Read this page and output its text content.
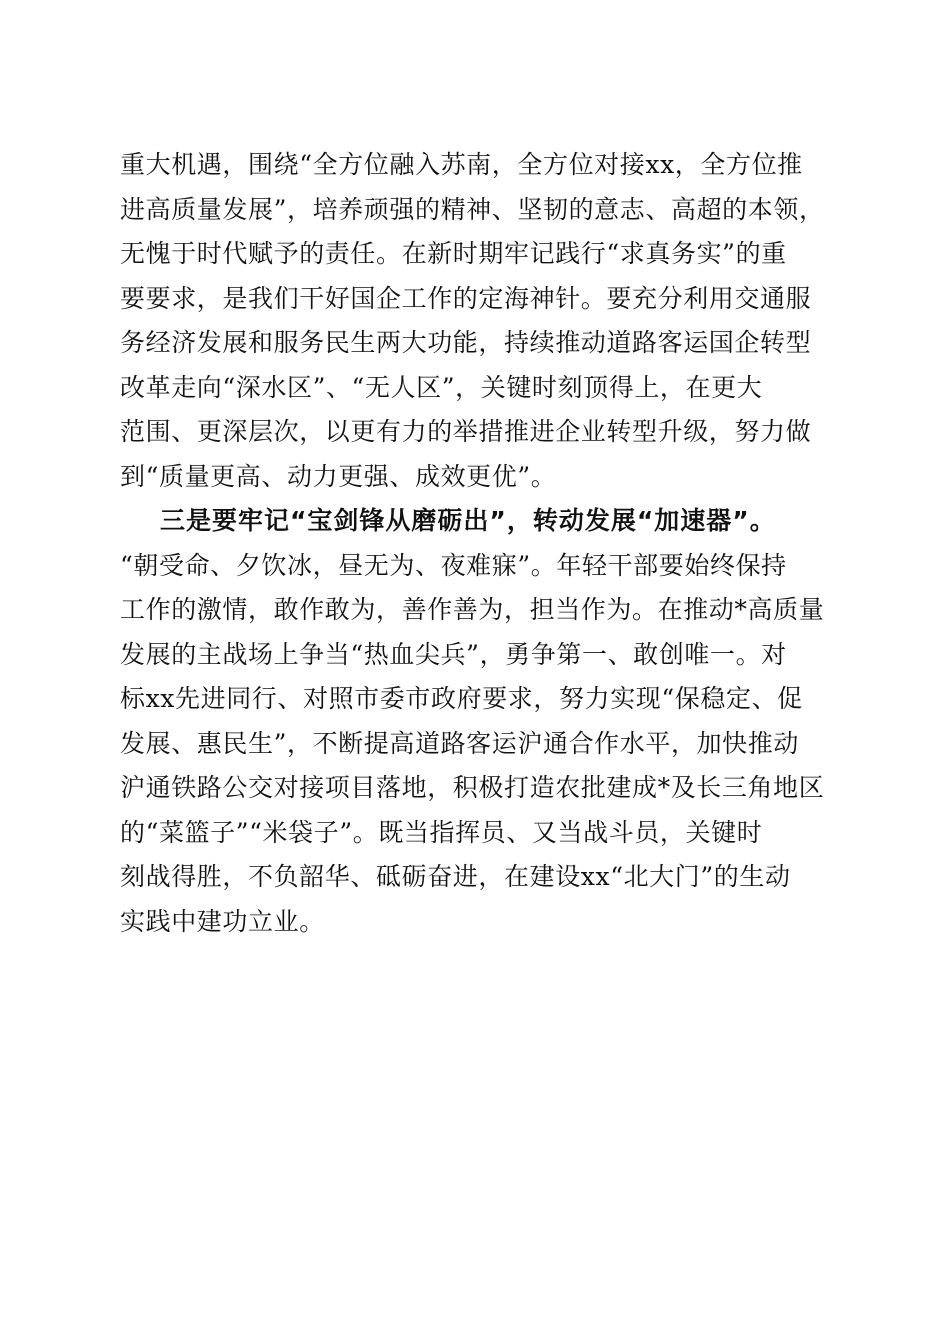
重大机遇，围绕“全方位融入苏南，全方位对接xx，全方位推
进高质量发展”，培养顽强的精神、坚韧的意志、高超的本领，
无愧于时代赋予的责任。在新时期牢记践行“求真务实”的重
要要求，是我们干好国企工作的定海神针。要充分利用交通服
务经济发展和服务民生两大功能，持续推动道路客运国企转型
改革走向“深水区”、“无人区”，关键时刻顶得上，在更大
范围、更深层次，以更有力的举措推进企业转型升级，努力做
到“质量更高、动力更强、成效更优”。
三是要牢记“宝剑锋从磨砺出”，转动发展“加速器”。
“朝受命、夕饮冰，昼无为、夜难寐”。年轻干部要始终保持
工作的激情，敢作敢为，善作善为，担当作为。在推动*高质量
发展的主战场上争当“热血尖兵”，勇争第一、敢创唯一。对
标xx先进同行、对照市委市政府要求，努力实现“保稳定、促
发展、惠民生”，不断提高道路客运沪通合作水平，加快推动
沪通铁路公交对接项目落地，积极打造农批建成*及长三角地区
的“菜篮子”“米袋子”。既当指挥员、又当战斗员，关键时
刻战得胜，不负韶华、砥砺奋进，在建设xx“北大门”的生动
实践中建功立业。
